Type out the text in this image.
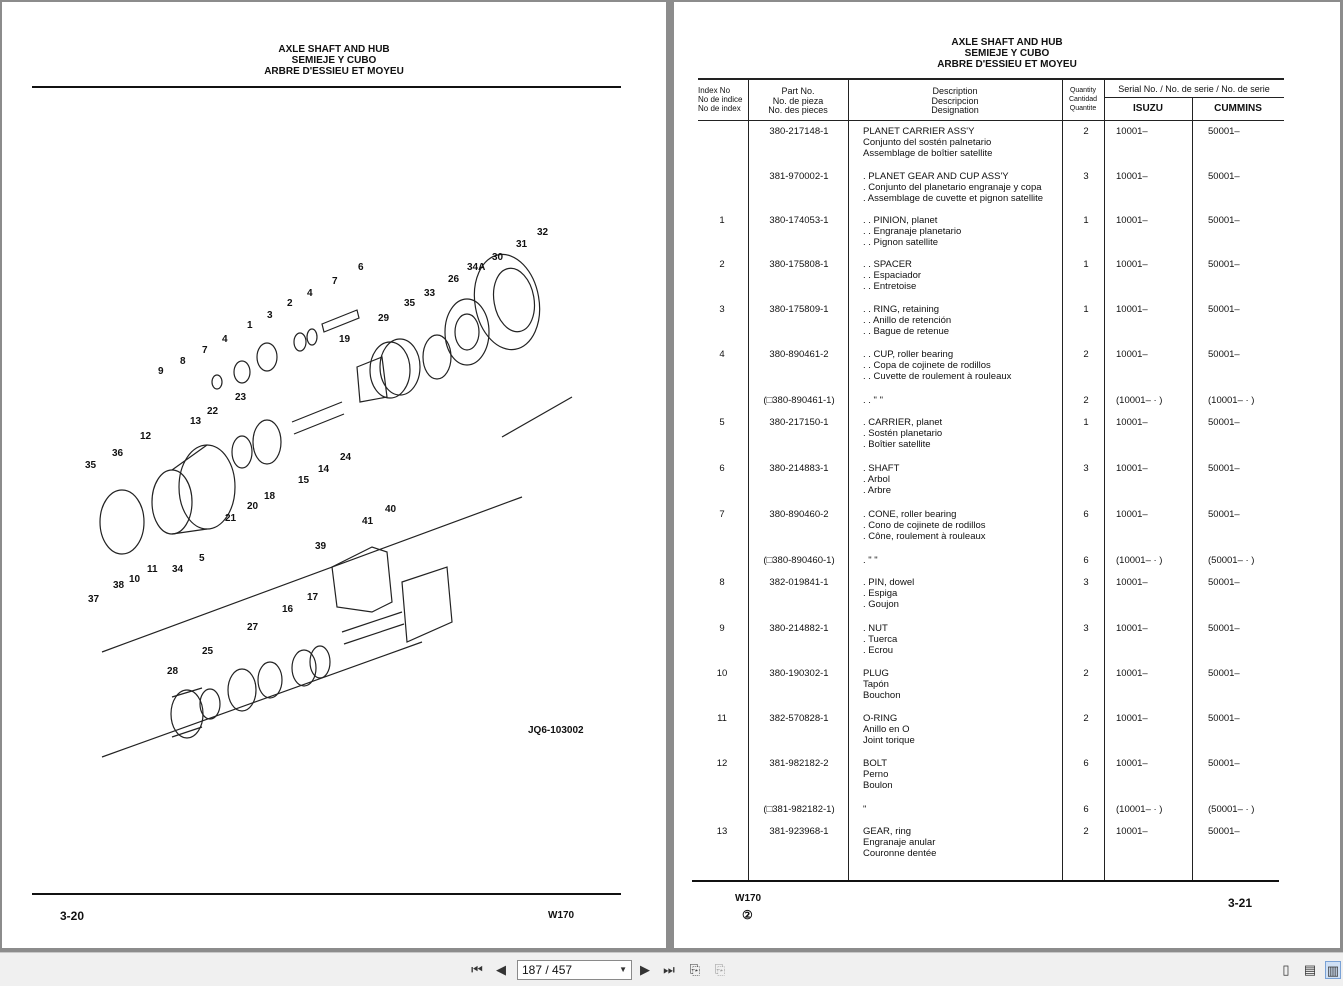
AXLE SHAFT AND HUB
SEMIEJE Y CUBO
ARBRE D'ESSIEU ET MOYEU
32
31
30
34A
26
33
35
29
19
6
7
4
2
3
1
4
7
8
9
23
22
13
12
36
35
24
14
15
18
20
21
5
34
11
10
38
37
40
41
39
17
16
27
25
28
JQ6-103002
3-20	W170
AXLE SHAFT AND HUB
SEMIEJE Y CUBO
ARBRE D'ESSIEU ET MOYEU
Index No
No de indice
No de index
Part No.
No. de pieza
No. des pieces
Description
Descripcion
Designation
Quantity
Cantidad
Quantite
Serial No. / No. de serie / No. de serie
ISUZU	CUMMINS
380-217148-1	PLANET CARRIER ASS'Y
Conjunto del sostén palnetario
Assemblage de boîtier satellite
2	10001–	50001–
381-970002-1	. PLANET GEAR AND CUP ASS'Y
. Conjunto del planetario engranaje y copa
. Assemblage de cuvette et pignon satellite
3	10001–	50001–
1	380-174053-1	. . PINION, planet
. . Engranaje planetario
. . Pignon satellite
1	10001–	50001–
2	380-175808-1	. . SPACER
. . Espaciador
. . Entretoise
1	10001–	50001–
3	380-175809-1	. . RING, retaining
. . Anillo de retención
. . Bague de retenue
1	10001–	50001–
4	380-890461-2	. . CUP, roller bearing
. . Copa de cojinete de rodillos
. . Cuvette de roulement à rouleaux
2	10001–	50001–
(□380-890461-1)	. . " "	2	(10001– · )	(10001– · )
5	380-217150-1	. CARRIER, planet
. Sostén planetario
. Boîtier satellite
1	10001–	50001–
6	380-214883-1	. SHAFT
. Arbol
. Arbre
3	10001–	50001–
7	380-890460-2	. CONE, roller bearing
. Cono de cojinete de rodillos
. Cône, roulement à rouleaux
6	10001–	50001–
(□380-890460-1)	. " "	6	(10001– · )	(50001– · )
8	382-019841-1	. PIN, dowel
. Espiga
. Goujon
3	10001–	50001–
9	380-214882-1	. NUT
. Tuerca
. Ecrou
3	10001–	50001–
10	380-190302-1	PLUG
Tapón
Bouchon
2	10001–	50001–
11	382-570828-1	O-RING
Anillo en O
Joint torique
2	10001–	50001–
12	381-982182-2	BOLT
Perno
Boulon
6	10001–	50001–
(□381-982182-1)	"	6	(10001– · )	(50001– · )
13	381-923968-1	GEAR, ring
Engranaje anular
Couronne dentée
2	10001–	50001–
W170
②
3-21
⏮ ◀	187 / 457	▼ ▶ ⏭ ⎘ ⎘	▯	▤ ▥
